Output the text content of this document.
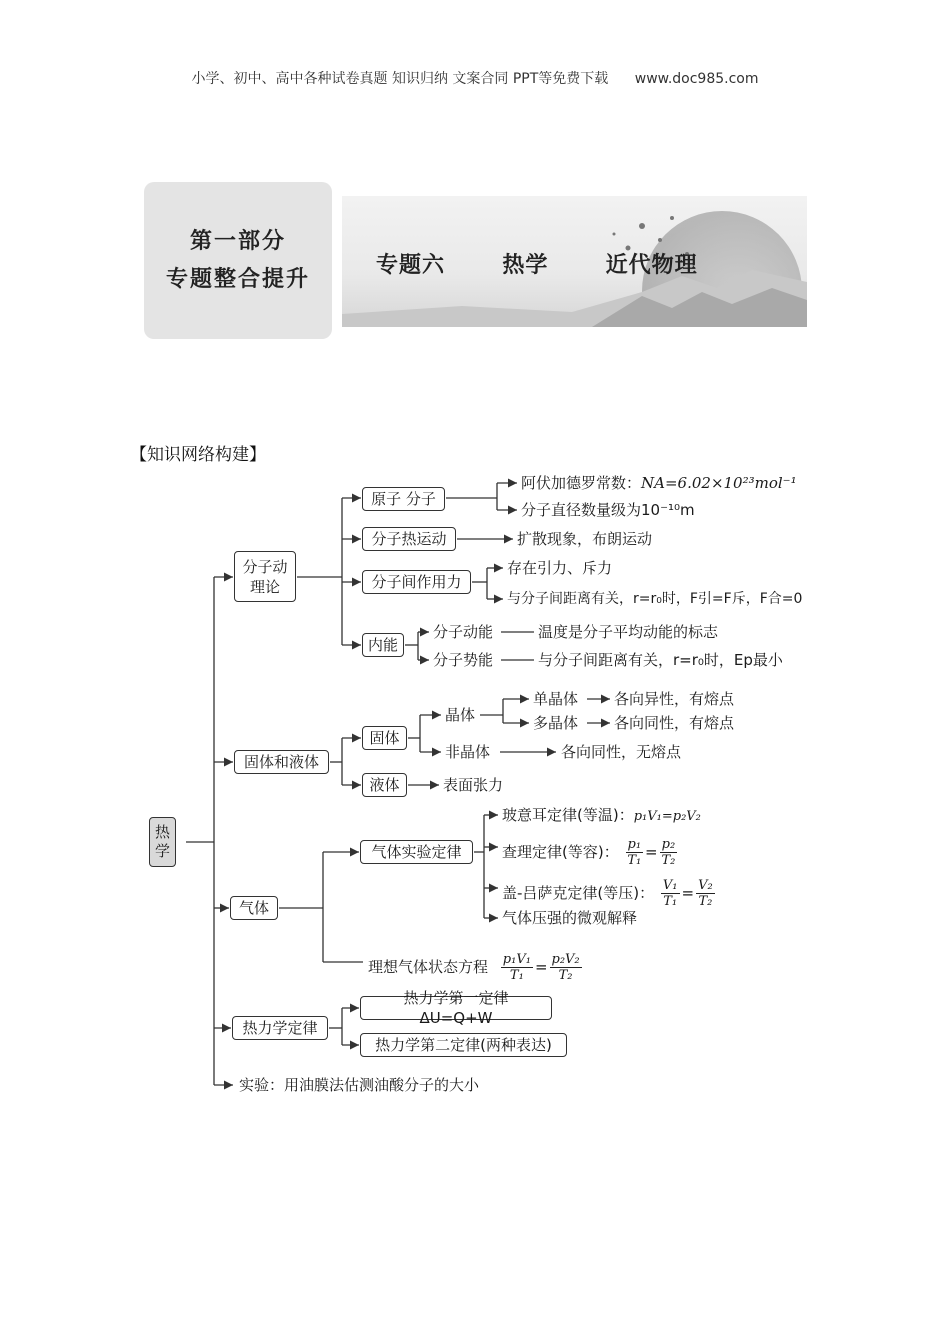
小学、初中、高中各种试卷真题 知识归纳 文案合同 PPT等免费下载 www.doc985.com
第一部分
专题整合提升
专题六  热学  近代物理
【知识网络构建】
热学
分子动理论
原子 分子
阿伏加德罗常数：NA=6.02×10²³mol⁻¹
分子直径数量级为10⁻¹⁰m
分子热运动	扩散现象，布朗运动
分子间作用力
存在引力、斥力
与分子间距离有关，r=r₀时，F引=F斥，F合=0
内能
分子动能	温度是分子平均动能的标志
分子势能	与分子间距离有关，r=r₀时，Ep最小
固体和液体
固体
晶体
单晶体 各向异性，有熔点
多晶体 各向同性，有熔点
非晶体	各向同性，无熔点
液体	表面张力
气体
气体实验定律
玻意耳定律(等温)：p₁V₁=p₂V₂
查理定律(等容)： $\frac{\text{p₁}}{\text{T₁}} = \frac{\text{p₂}}{\text{T₂}}$
盖-吕萨克定律(等压)： $\frac{\text{V₁}}{\text{T₁}} = \frac{\text{V₂}}{\text{T₂}}$
气体压强的微观解释
理想气体状态方程 $\frac{\text{p₁V₁}}{\text{T₁}} = \frac{\text{p₂V₂}}{\text{T₂}}$
热力学定律
热力学第一定律 ΔU=Q+W
热力学第二定律(两种表达)
实验：用油膜法估测油酸分子的大小
